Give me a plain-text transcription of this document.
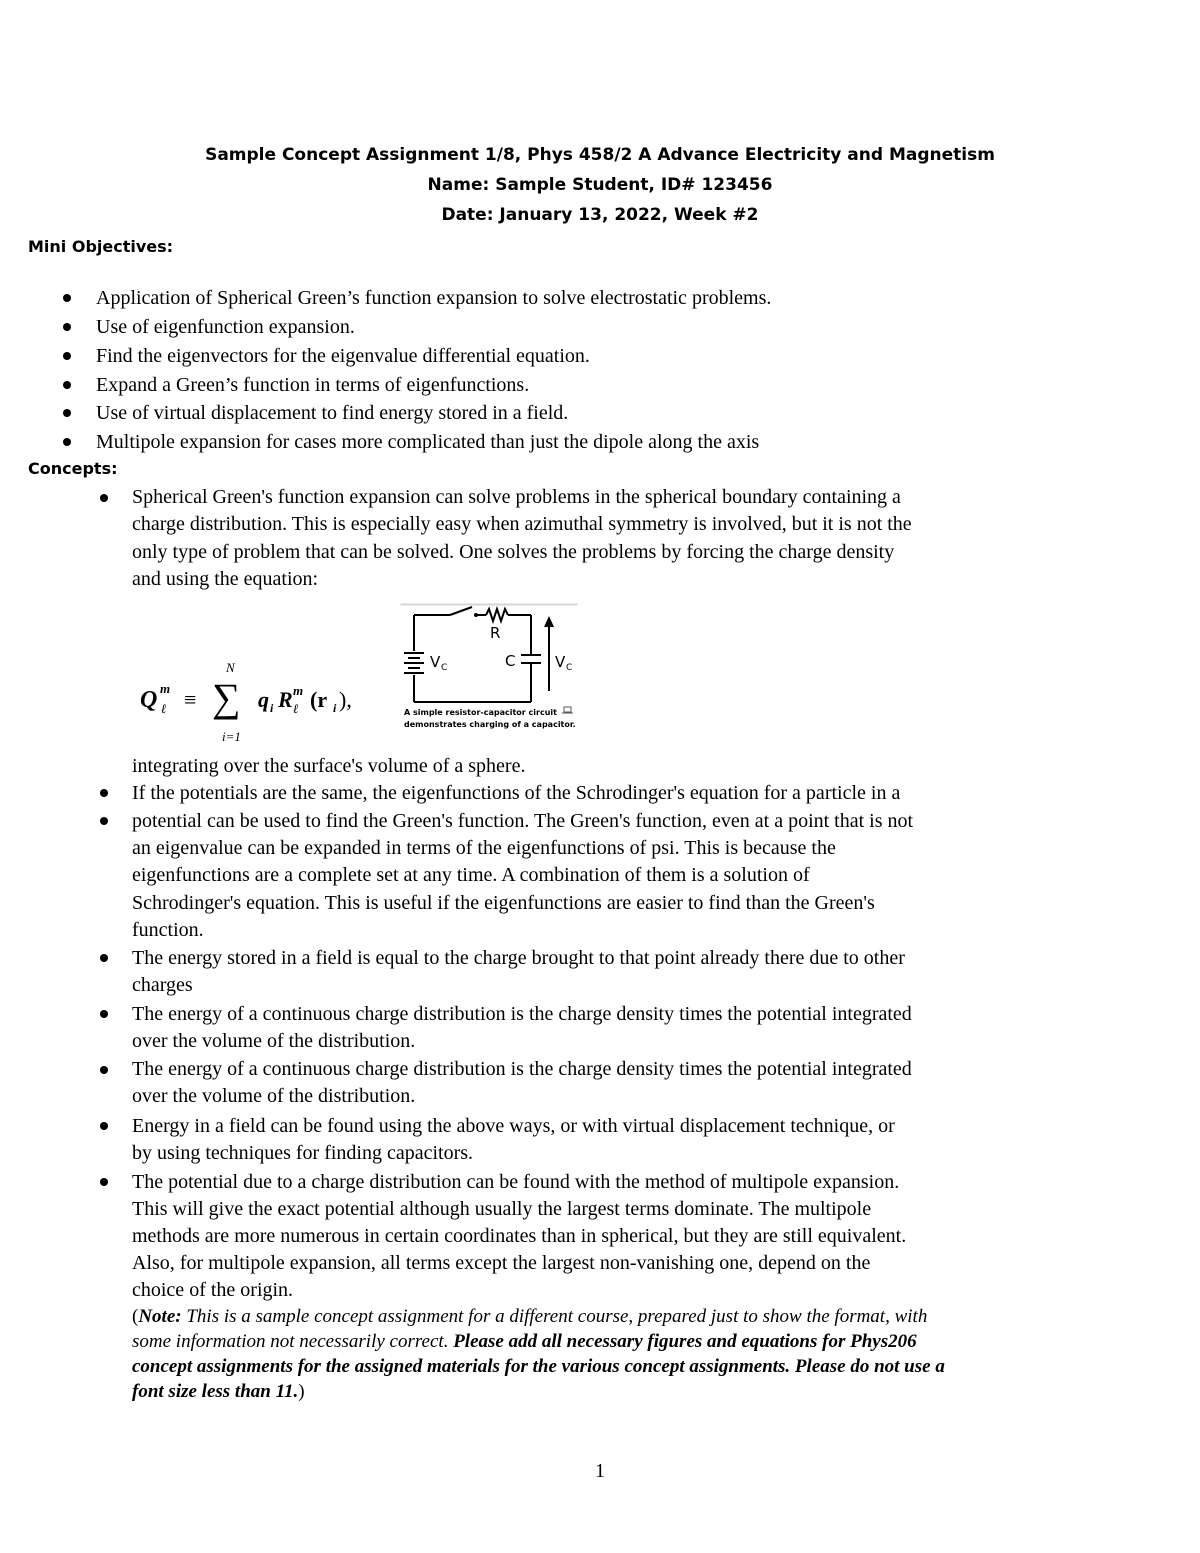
Sample Concept Assignment 1/8, Phys 458/2 A Advance Electricity and Magnetism
Name: Sample Student, ID# 123456
Date: January 13, 2022, Week #2
Mini Objectives:
Application of Spherical Green’s function expansion to solve electrostatic problems.
Use of eigenfunction expansion.
Find the eigenvectors for the eigenvalue differential equation.
Expand a Green’s function in terms of eigenfunctions.
Use of virtual displacement to find energy stored in a field.
Multipole expansion for cases more complicated than just the dipole along the axis
Concepts:
Spherical Green's function expansion can solve problems in the spherical boundary containing a
charge distribution. This is especially easy when azimuthal symmetry is involved, but it is not the
only type of problem that can be solved. One solves the problems by forcing the charge density
and using the equation:
Q m
ℓ ≡
N
∑
i=1
q i R m
ℓ (r i ),
R
V C	C	V C
A simple resistor-capacitor circuit
demonstrates charging of a capacitor.
integrating over the surface's volume of a sphere.
If the potentials are the same, the eigenfunctions of the Schrodinger's equation for a particle in a
potential can be used to find the Green's function. The Green's function, even at a point that is not
an eigenvalue can be expanded in terms of the eigenfunctions of psi. This is because the
eigenfunctions are a complete set at any time. A combination of them is a solution of
Schrodinger's equation. This is useful if the eigenfunctions are easier to find than the Green's
function.
The energy stored in a field is equal to the charge brought to that point already there due to other
charges
The energy of a continuous charge distribution is the charge density times the potential integrated
over the volume of the distribution.
The energy of a continuous charge distribution is the charge density times the potential integrated
over the volume of the distribution.
Energy in a field can be found using the above ways, or with virtual displacement technique, or
by using techniques for finding capacitors.
The potential due to a charge distribution can be found with the method of multipole expansion.
This will give the exact potential although usually the largest terms dominate. The multipole
methods are more numerous in certain coordinates than in spherical, but they are still equivalent.
Also, for multipole expansion, all terms except the largest non-vanishing one, depend on the
choice of the origin.
(Note: This is a sample concept assignment for a different course, prepared just to show the format, with
some information not necessarily correct. Please add all necessary figures and equations for Phys206
concept assignments for the assigned materials for the various concept assignments. Please do not use a
font size less than 11.)
1
